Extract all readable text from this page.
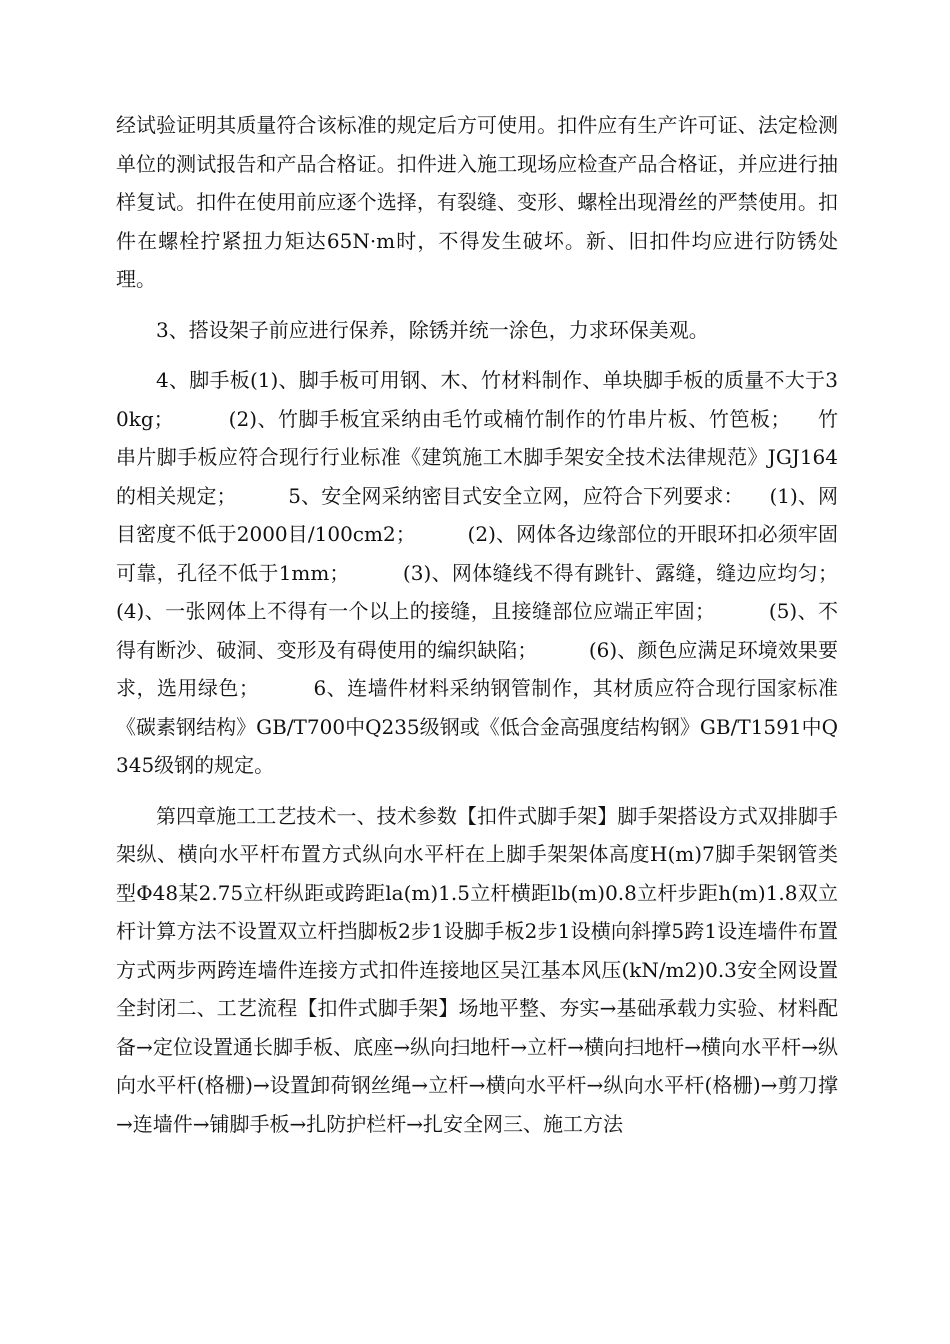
经试验证明其质量符合该标准的规定后方可使用。扣件应有生产许可证、法定检测单位的测试报告和产品合格证。扣件进入施工现场应检查产品合格证，并应进行抽样复试。扣件在使用前应逐个选择，有裂缝、变形、螺栓出现滑丝的严禁使用。扣件在螺栓拧紧扭力矩达65N·m时，不得发生破坏。新、旧扣件均应进行防锈处理。

3、搭设架子前应进行保养，除锈并统一涂色，力求环保美观。

4、脚手板(1)、脚手板可用钢、木、竹材料制作、单块脚手板的质量不大于30kg；        (2)、竹脚手板宜采纳由毛竹或楠竹制作的竹串片板、竹笆板；    竹串片脚手板应符合现行行业标准《建筑施工木脚手架安全技术法律规范》JGJ164的相关规定；        5、安全网采纳密目式安全立网，应符合下列要求：    (1)、网目密度不低于2000目/100cm2；        (2)、网体各边缘部位的开眼环扣必须牢固可靠，孔径不低于1mm；        (3)、网体缝线不得有跳针、露缝，缝边应均匀；        (4)、一张网体上不得有一个以上的接缝，且接缝部位应端正牢固；        (5)、不得有断沙、破洞、变形及有碍使用的编织缺陷；        (6)、颜色应满足环境效果要求，选用绿色；        6、连墙件材料采纳钢管制作，其材质应符合现行国家标准《碳素钢结构》GB/T700中Q235级钢或《低合金高强度结构钢》GB/T1591中Q345级钢的规定。

第四章施工工艺技术一、技术参数【扣件式脚手架】脚手架搭设方式双排脚手架纵、横向水平杆布置方式纵向水平杆在上脚手架架体高度H(m)7脚手架钢管类型Φ48某2.75立杆纵距或跨距la(m)1.5立杆横距lb(m)0.8立杆步距h(m)1.8双立杆计算方法不设置双立杆挡脚板2步1设脚手板2步1设横向斜撑5跨1设连墙件布置方式两步两跨连墙件连接方式扣件连接地区吴江基本风压(kN/m2)0.3安全网设置全封闭二、工艺流程【扣件式脚手架】场地平整、夯实→基础承载力实验、材料配备→定位设置通长脚手板、底座→纵向扫地杆→立杆→横向扫地杆→横向水平杆→纵向水平杆(格栅)→设置卸荷钢丝绳→立杆→横向水平杆→纵向水平杆(格栅)→剪刀撑→连墙件→铺脚手板→扎防护栏杆→扎安全网三、施工方法
